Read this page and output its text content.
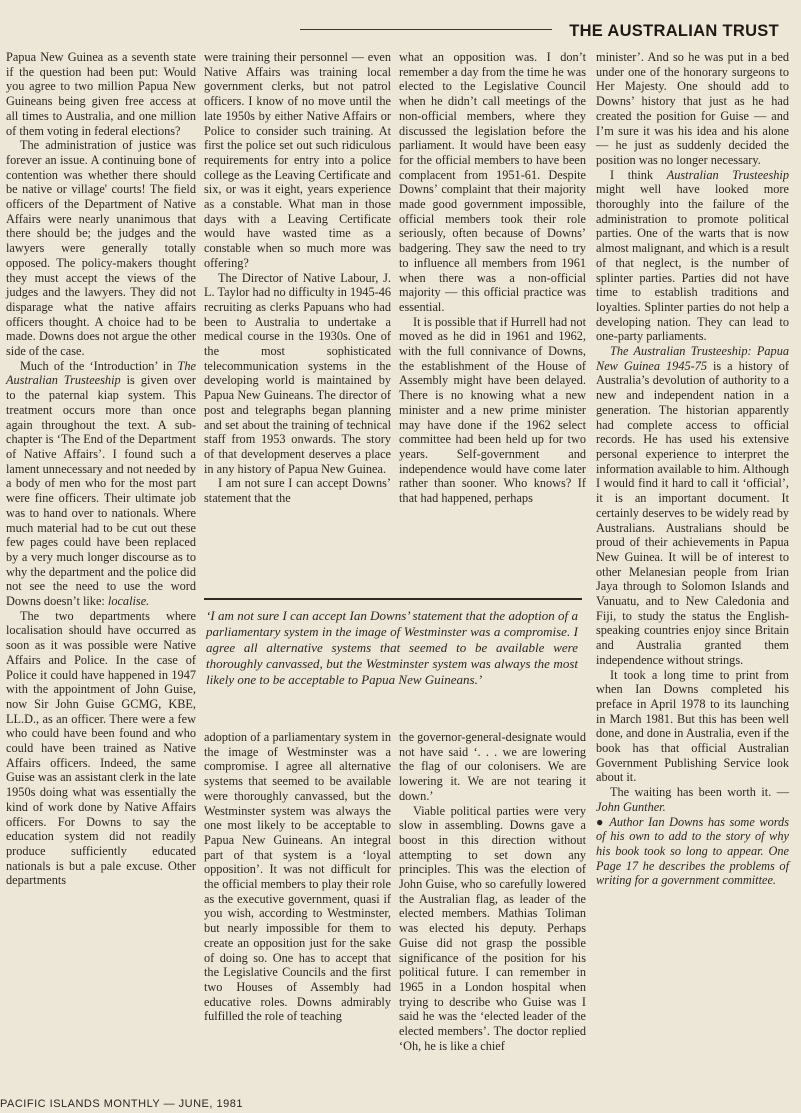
THE AUSTRALIAN TRUST

Papua New Guinea as a seventh state if the question had been put: Would you agree to two million Papua New Guineans being given free access at all times to Australia, and one million of them voting in federal elections?

The administration of justice was forever an issue. A continuing bone of contention was whether there should be native or village' courts! The field officers of the Department of Native Affairs were nearly unanimous that there should be; the judges and the lawyers were generally totally opposed. The policy-makers thought they must accept the views of the judges and the lawyers. They did not disparage what the native affairs officers thought. A choice had to be made. Downs does not argue the other side of the case.

Much of the ‘Introduction’ in The Australian Trusteeship is given over to the paternal kiap system. This treatment occurs more than once again throughout the text. A sub-chapter is ‘The End of the Department of Native Affairs’. I found such a lament unnecessary and not needed by a body of men who for the most part were fine officers. Their ultimate job was to hand over to nationals. Where much material had to be cut out these few pages could have been replaced by a very much longer discourse as to why the department and the police did not see the need to use the word Downs doesn’t like: localise.

The two departments where localisation should have occurred as soon as it was possible were Native Affairs and Police. In the case of Police it could have happened in 1947 with the appointment of John Guise, now Sir John Guise GCMG, KBE, LL.D., as an officer. There were a few who could have been found and who could have been trained as Native Affairs officers. Indeed, the same Guise was an assistant clerk in the late 1950s doing what was essentially the kind of work done by Native Affairs officers. For Downs to say the education system did not readily produce sufficiently educated nationals is but a pale excuse. Other departments

were training their personnel — even Native Affairs was training local government clerks, but not patrol officers. I know of no move until the late 1950s by either Native Affairs or Police to consider such training. At first the police set out such ridiculous requirements for entry into a police college as the Leaving Certificate and six, or was it eight, years experience as a constable. What man in those days with a Leaving Certificate would have wasted time as a constable when so much more was offering?

The Director of Native Labour, J. L. Taylor had no difficulty in 1945-46 recruiting as clerks Papuans who had been to Australia to undertake a medical course in the 1930s. One of the most sophisticated telecommunication systems in the developing world is maintained by Papua New Guineans. The director of post and telegraphs began planning and set about the training of technical staff from 1953 onwards. The story of that development deserves a place in any history of Papua New Guinea.

I am not sure I can accept Downs’ statement that the

what an opposition was. I don’t remember a day from the time he was elected to the Legislative Council when he didn’t call meetings of the non-official members, where they discussed the legislation before the parliament. It would have been easy for the official members to have been complacent from 1951-61. Despite Downs’ complaint that their majority made good government impossible, official members took their role seriously, often because of Downs’ badgering. They saw the need to try to influence all members from 1961 when there was a non-official majority — this official practice was essential.

It is possible that if Hurrell had not moved as he did in 1961 and 1962, with the full connivance of Downs, the establishment of the House of Assembly might have been delayed. There is no knowing what a new minister and a new prime minister may have done if the 1962 select committee had been held up for two years. Self-government and independence would have come later rather than sooner. Who knows? If that had happened, perhaps

‘I am not sure I can accept Ian Downs’ statement that the adoption of a parliamentary system in the image of Westminster was a compromise. I agree all alternative systems that seemed to be available were thoroughly canvassed, but the Westminster system was always the most likely one to be acceptable to Papua New Guineans.’

adoption of a parliamentary system in the image of Westminster was a compromise. I agree all alternative systems that seemed to be available were thoroughly canvassed, but the Westminster system was always the one most likely to be acceptable to Papua New Guineans. An integral part of that system is a ‘loyal opposition’. It was not difficult for the official members to play their role as the executive government, quasi if you wish, according to Westminster, but nearly impossible for them to create an opposition just for the sake of doing so. One has to accept that the Legislative Councils and the first two Houses of Assembly had educative roles. Downs admirably fulfilled the role of teaching

the governor-general-designate would not have said ‘. . . we are lowering the flag of our colonisers. We are lowering it. We are not tearing it down.’

Viable political parties were very slow in assembling. Downs gave a boost in this direction without attempting to set down any principles. This was the election of John Guise, who so carefully lowered the Australian flag, as leader of the elected members. Mathias Toliman was elected his deputy. Perhaps Guise did not grasp the possible significance of the position for his political future. I can remember in 1965 in a London hospital when trying to describe who Guise was I said he was the ‘elected leader of the elected members’. The doctor replied ‘Oh, he is like a chief

minister’. And so he was put in a bed under one of the honorary surgeons to Her Majesty. One should add to Downs’ history that just as he had created the position for Guise — and I’m sure it was his idea and his alone — he just as suddenly decided the position was no longer necessary.

I think Australian Trusteeship might well have looked more thoroughly into the failure of the administration to promote political parties. One of the warts that is now almost malignant, and which is a result of that neglect, is the number of splinter parties. Parties did not have time to establish traditions and loyalties. Splinter parties do not help a developing nation. They can lead to one-party parliaments.

The Australian Trusteeship: Papua New Guinea 1945-75 is a history of Australia’s devolution of authority to a new and independent nation in a generation. The historian apparently had complete access to official records. He has used his extensive personal experience to interpret the information available to him. Although I would find it hard to call it ‘official’, it is an important document. It certainly deserves to be widely read by Australians. Australians should be proud of their achievements in Papua New Guinea. It will be of interest to other Melanesian people from Irian Jaya through to Solomon Islands and Vanuatu, and to New Caledonia and Fiji, to study the status the English-speaking countries enjoy since Britain and Australia granted them independence without strings.

It took a long time to print from when Ian Downs completed his preface in April 1978 to its launching in March 1981. But this has been well done, and done in Australia, even if the book has that official Australian Government Publishing Service look about it.

The waiting has been worth it. — John Gunther.

● Author Ian Downs has some words of his own to add to the story of why his book took so long to appear. One Page 17 he describes the problems of writing for a government committee.

PACIFIC ISLANDS MONTHLY — JUNE, 1981
